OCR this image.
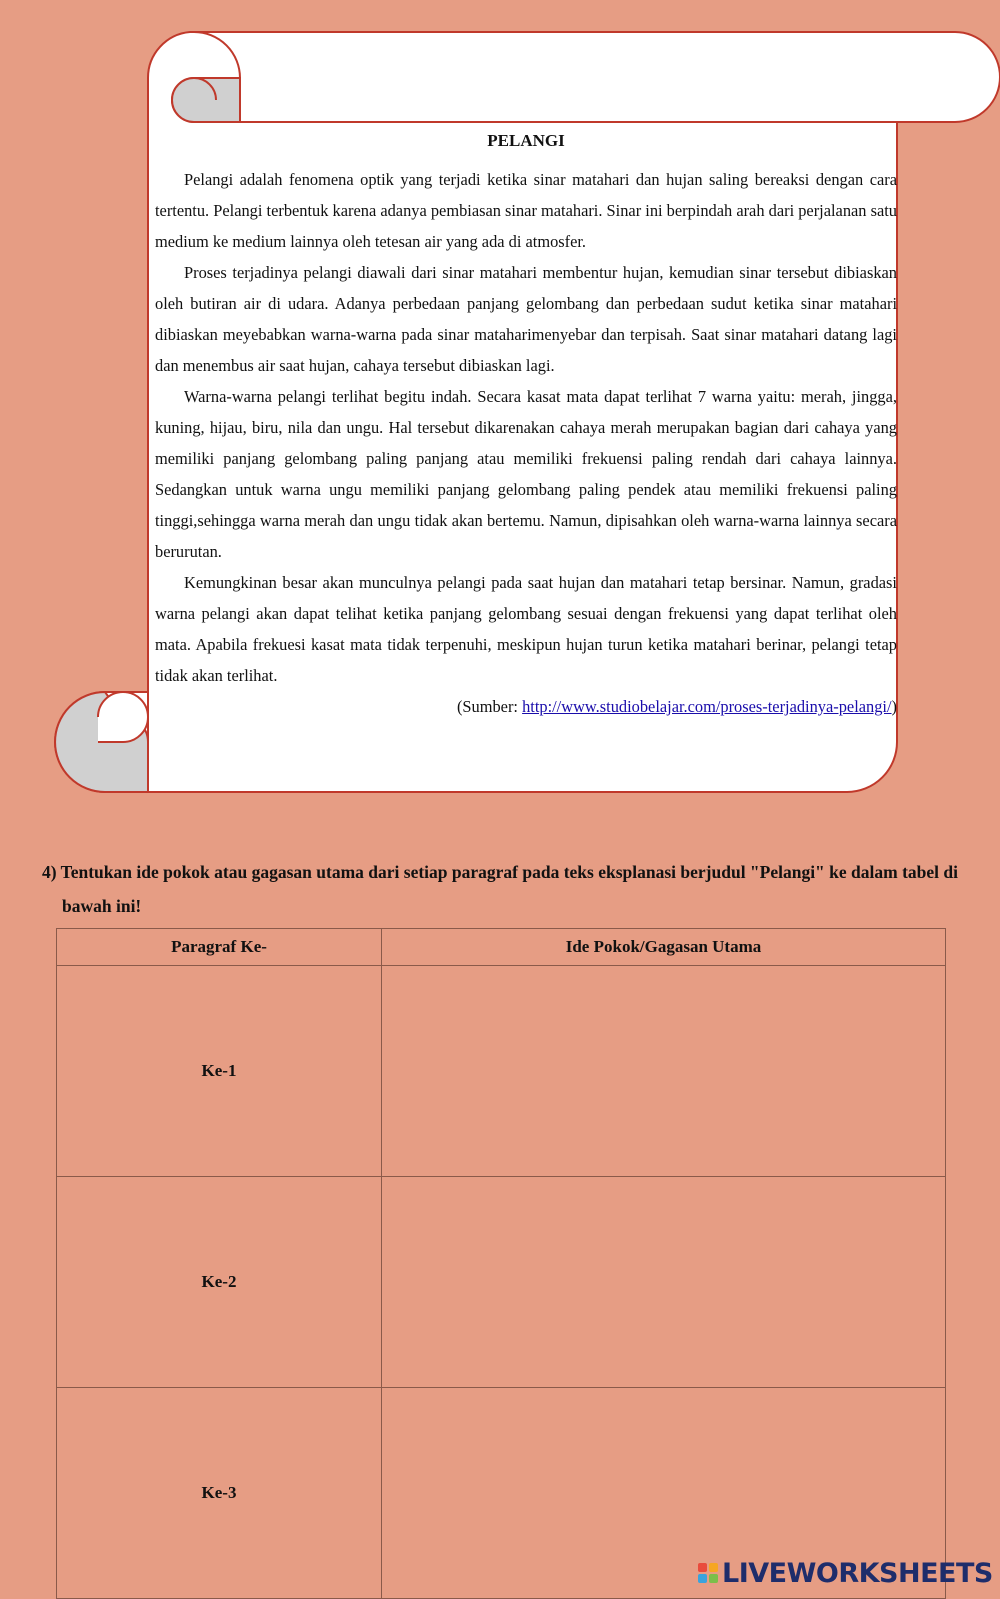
PELANGI

Pelangi adalah fenomena optik yang terjadi ketika sinar matahari dan hujan saling bereaksi dengan cara tertentu. Pelangi terbentuk karena adanya pembiasan sinar matahari. Sinar ini berpindah arah dari perjalanan satu medium ke medium lainnya oleh tetesan air yang ada di atmosfer.

Proses terjadinya pelangi diawali dari sinar matahari membentur hujan, kemudian sinar tersebut dibiaskan oleh butiran air di udara. Adanya perbedaan panjang gelombang dan perbedaan sudut ketika sinar matahari dibiaskan meyebabkan warna-warna pada sinar mataharimenyebar dan terpisah. Saat sinar matahari datang lagi dan menembus air saat hujan, cahaya tersebut dibiaskan lagi.

Warna-warna pelangi terlihat begitu indah. Secara kasat mata dapat terlihat 7 warna yaitu: merah, jingga, kuning, hijau, biru, nila dan ungu. Hal tersebut dikarenakan cahaya merah merupakan bagian dari cahaya yang memiliki panjang gelombang paling panjang atau memiliki frekuensi paling rendah dari cahaya lainnya. Sedangkan untuk warna ungu memiliki panjang gelombang paling pendek atau memiliki frekuensi paling tinggi,sehingga warna merah dan ungu tidak akan bertemu. Namun, dipisahkan oleh warna-warna lainnya secara berurutan.

Kemungkinan besar akan munculnya pelangi pada saat hujan dan matahari tetap bersinar. Namun, gradasi warna pelangi akan dapat telihat ketika panjang gelombang sesuai dengan frekuensi yang dapat terlihat oleh mata. Apabila frekuesi kasat mata tidak terpenuhi, meskipun hujan turun ketika matahari berinar, pelangi tetap tidak akan terlihat.

(Sumber: http://www.studiobelajar.com/proses-terjadinya-pelangi/)
4) Tentukan ide pokok atau gagasan utama dari setiap paragraf pada teks eksplanasi berjudul "Pelangi" ke dalam tabel di bawah ini!
Paragraf Ke-	Ide Pokok/Gagasan Utama
Ke-1	
Ke-2	
Ke-3	
LIVEWORKSHEETS
